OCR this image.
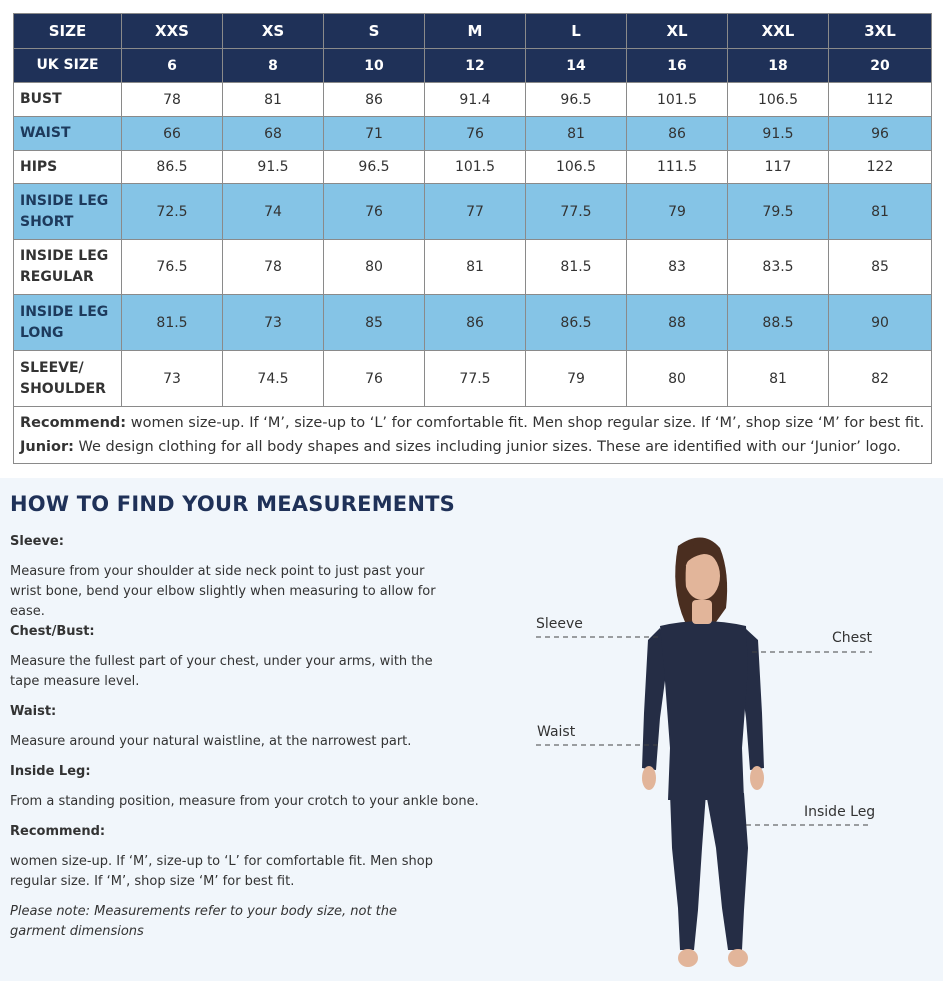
SIZE	XXS	XS	S	M	L	XL	XXL	3XL
UK SIZE	6	8	10	12	14	16	18	20

BUST	78	81	86	91.4	96.5	101.5	106.5	112

WAIST	66	68	71	76	81	86	91.5	96

HIPS	86.5	91.5	96.5	101.5	106.5	111.5	117	122

INSIDE LEG
SHORT	72.5	74	76	77	77.5	79	79.5	81

INSIDE LEG
REGULAR	76.5	78	80	81	81.5	83	83.5	85

INSIDE LEG
LONG	81.5	73	85	86	86.5	88	88.5	90

SLEEVE/
SHOULDER	73	74.5	76	77.5	79	80	81	82

Recommend: women size-up. If ‘M’, size-up to ‘L’ for comfortable fit. Men shop regular size. If ‘M’, shop size ‘M’ for best fit.
Junior: We design clothing for all body shapes and sizes including junior sizes. These are identified with our ‘Junior’ logo.								
HOW TO FIND YOUR MEASUREMENTS
Sleeve:
Measure from your shoulder at side neck point to just past your wrist bone, bend your elbow slightly when measuring to allow for ease.
Chest/Bust:
Measure the fullest part of your chest, under your arms, with the tape measure level.
Waist:
Measure around your natural waistline, at the narrowest part.
Inside Leg:
From a standing position, measure from your crotch to your ankle bone.
Recommend:
women size-up. If ‘M’, size-up to ‘L’ for comfortable fit. Men shop regular size. If ‘M’, shop size ‘M’ for best fit.
Please note: Measurements refer to your body size, not the garment dimensions
Sleeve
Chest
Waist
Inside Leg
